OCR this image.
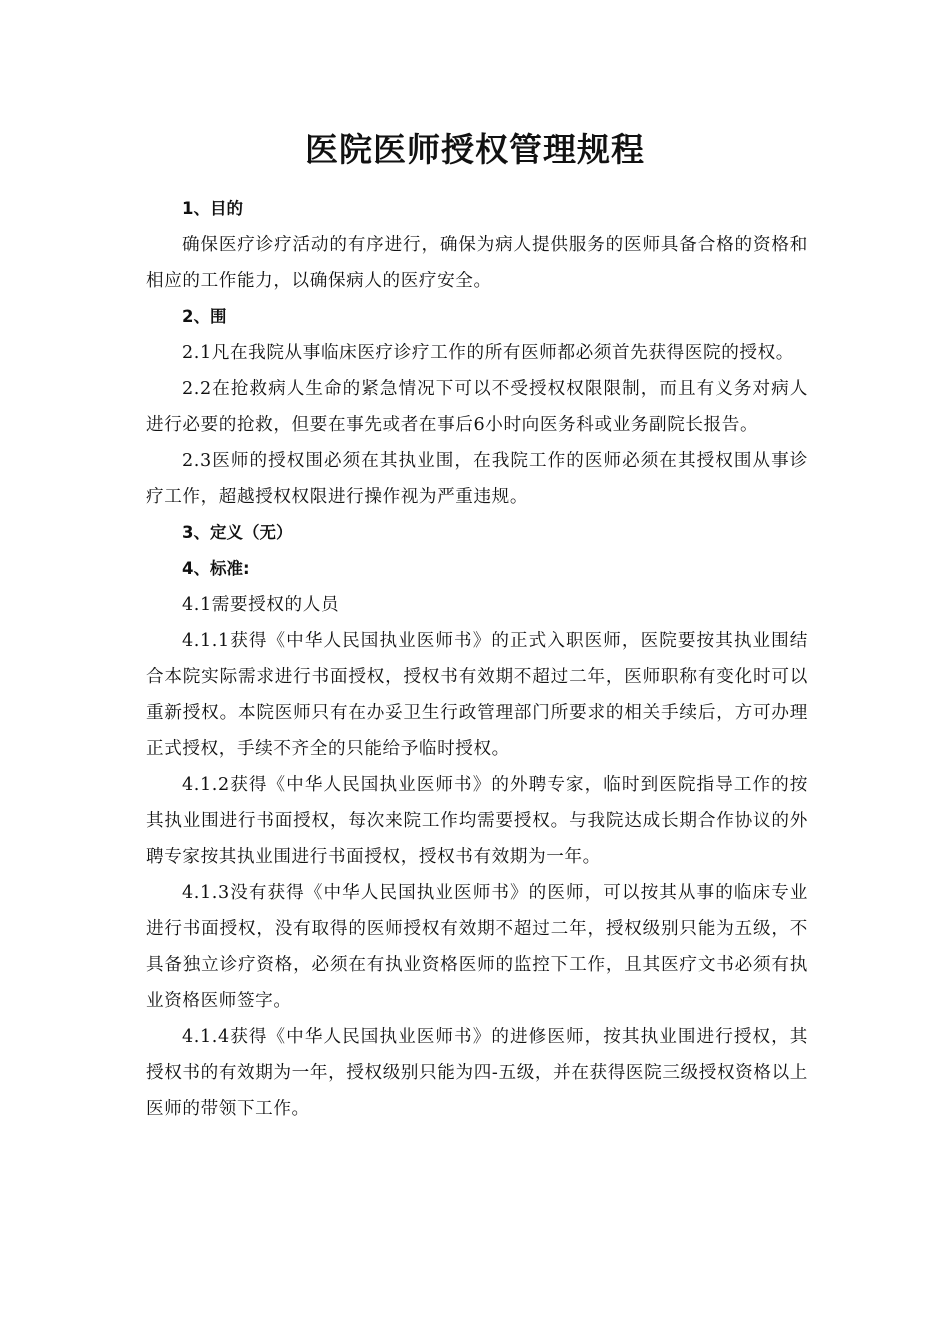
医院医师授权管理规程

1、目的

确保医疗诊疗活动的有序进行，确保为病人提供服务的医师具备合格的资格和相应的工作能力，以确保病人的医疗安全。

2、围

2.1凡在我院从事临床医疗诊疗工作的所有医师都必须首先获得医院的授权。

2.2在抢救病人生命的紧急情况下可以不受授权权限限制，而且有义务对病人进行必要的抢救，但要在事先或者在事后6小时向医务科或业务副院长报告。

2.3医师的授权围必须在其执业围，在我院工作的医师必须在其授权围从事诊疗工作，超越授权权限进行操作视为严重违规。

3、定义（无）

4、标准:

4.1需要授权的人员

4.1.1获得《中华人民国执业医师书》的正式入职医师，医院要按其执业围结合本院实际需求进行书面授权，授权书有效期不超过二年，医师职称有变化时可以重新授权。本院医师只有在办妥卫生行政管理部门所要求的相关手续后，方可办理正式授权，手续不齐全的只能给予临时授权。

4.1.2获得《中华人民国执业医师书》的外聘专家，临时到医院指导工作的按其执业围进行书面授权，每次来院工作均需要授权。与我院达成长期合作协议的外聘专家按其执业围进行书面授权，授权书有效期为一年。

4.1.3没有获得《中华人民国执业医师书》的医师，可以按其从事的临床专业进行书面授权，没有取得的医师授权有效期不超过二年，授权级别只能为五级，不具备独立诊疗资格，必须在有执业资格医师的监控下工作，且其医疗文书必须有执业资格医师签字。

4.1.4获得《中华人民国执业医师书》的进修医师，按其执业围进行授权，其授权书的有效期为一年，授权级别只能为四-五级，并在获得医院三级授权资格以上医师的带领下工作。
